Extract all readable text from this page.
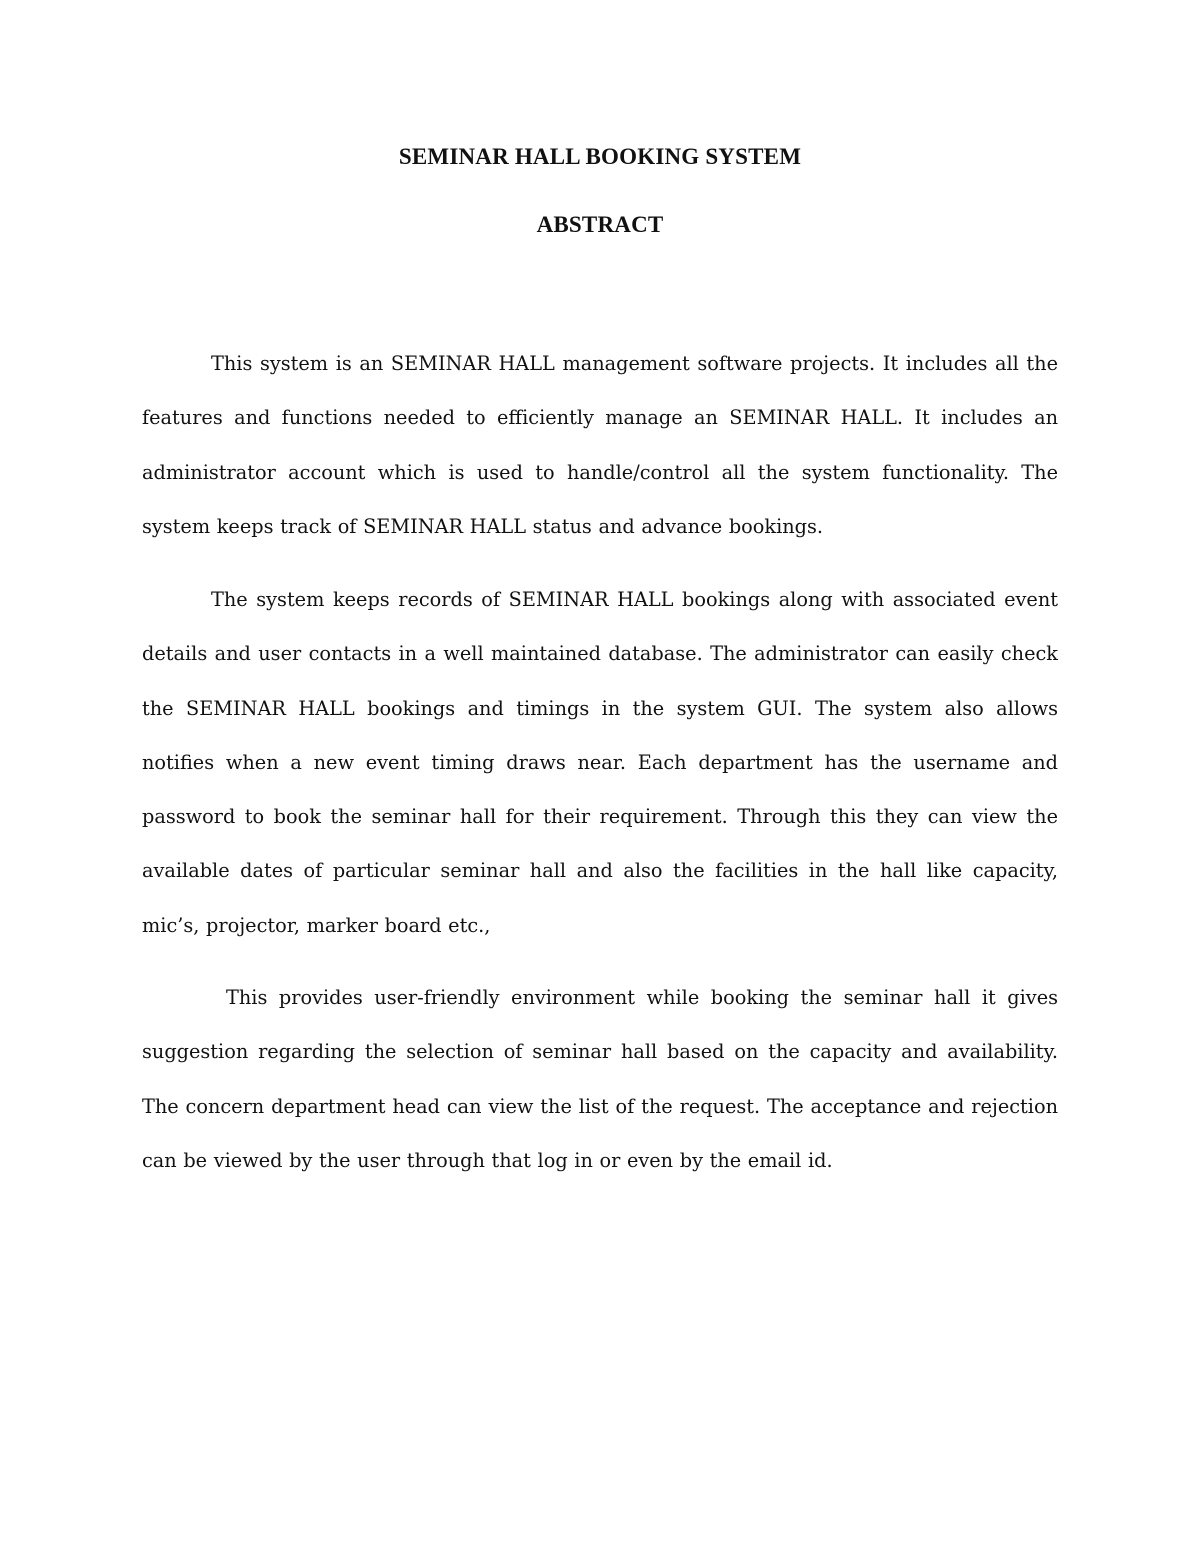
SEMINAR HALL BOOKING SYSTEM
ABSTRACT

This system is an SEMINAR HALL management software projects. It includes all the features and functions needed to efficiently manage an SEMINAR HALL. It includes an administrator account which is used to handle/control all the system functionality. The system keeps track of SEMINAR HALL status and advance bookings.

The system keeps records of SEMINAR HALL bookings along with associated event details and user contacts in a well maintained database. The administrator can easily check the SEMINAR HALL bookings and timings in the system GUI. The system also allows notifies when a new event timing draws near. Each department has the username and password to book the seminar hall for their requirement. Through this they can view the available dates of particular seminar hall and also the facilities in the hall like capacity, mic’s, projector, marker board etc.,

This provides user-friendly environment while booking the seminar hall it gives suggestion regarding the selection of seminar hall based on the capacity and availability. The concern department head can view the list of the request. The acceptance and rejection can be viewed by the user through that log in or even by the email id.
